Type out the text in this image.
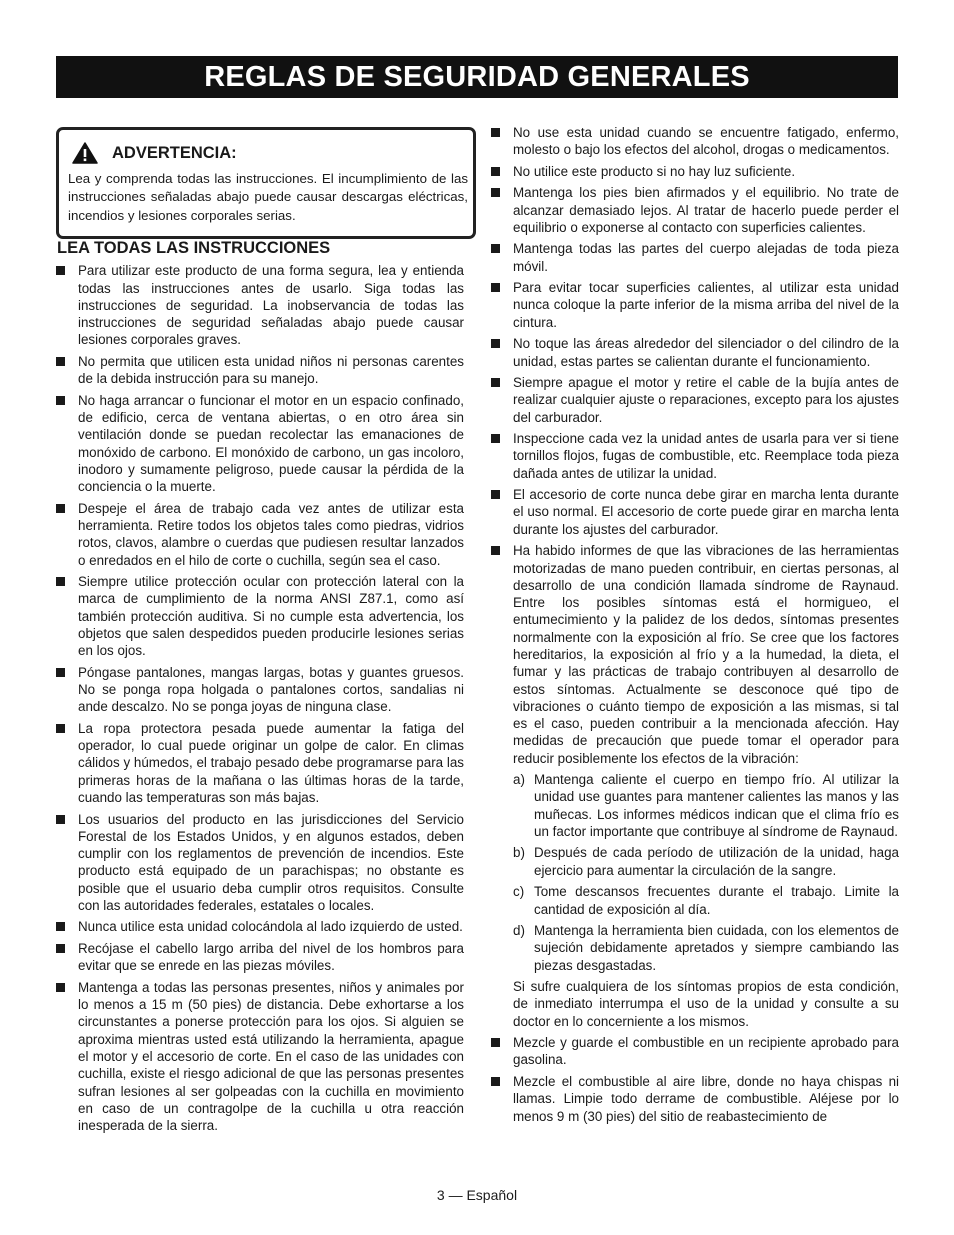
REGLAS DE SEGURIDAD GENERALES
ADVERTENCIA:
Lea y comprenda todas las instrucciones. El incumplimiento de las instrucciones señaladas abajo puede causar descargas eléctricas, incendios y lesiones corporales serias.
LEA TODAS LAS INSTRUCCIONES
Para utilizar este producto de una forma segura, lea y entienda todas las instrucciones antes de usarlo. Siga todas las instrucciones de seguridad. La inobservancia de todas las instrucciones de seguridad señaladas abajo puede causar lesiones corporales graves.
No permita que utilicen esta unidad niños ni personas carentes de la debida instrucción para su manejo.
No haga arrancar o funcionar el motor en un espacio confinado, de edificio, cerca de ventana abiertas, o en otro área sin ventilación donde se puedan recolectar las emanaciones de monóxido de carbono. El monóxido de carbono, un gas incoloro, inodoro y sumamente peligroso, puede causar la pérdida de la conciencia o la muerte.
Despeje el área de trabajo cada vez antes de utilizar esta herramienta. Retire todos los objetos tales como piedras, vidrios rotos, clavos, alambre o cuerdas que pudiesen resultar lanzados o enredados en el hilo de corte o cuchilla, según sea el caso.
Siempre utilice protección ocular con protección lateral con la marca de cumplimiento de la norma ANSI Z87.1, como así también protección auditiva. Si no cumple esta advertencia, los objetos que salen despedidos pueden producirle lesiones serias en los ojos.
Póngase pantalones, mangas largas, botas y guantes gruesos. No se ponga ropa holgada o pantalones cortos, sandalias ni ande descalzo. No se ponga joyas de ninguna clase.
La ropa protectora pesada puede aumentar la fatiga del operador, lo cual puede originar un golpe de calor. En climas cálidos y húmedos, el trabajo pesado debe programarse para las primeras horas de la mañana o las últimas horas de la tarde, cuando las temperaturas son más bajas.
Los usuarios del producto en las jurisdicciones del Servicio Forestal de los Estados Unidos, y en algunos estados, deben cumplir con los reglamentos de prevención de incendios. Este producto está equipado de un parachispas; no obstante es posible que el usuario deba cumplir otros requisitos. Consulte con las autoridades federales, estatales o locales.
Nunca utilice esta unidad colocándola al lado izquierdo de usted.
Recójase el cabello largo arriba del nivel de los hombros para evitar que se enrede en las piezas móviles.
Mantenga a todas las personas presentes, niños y animales por lo menos a 15 m (50 pies) de distancia. Debe exhortarse a los circunstantes a ponerse protección para los ojos. Si alguien se aproxima mientras usted está utilizando la herramienta, apague el motor y el accesorio de corte. En el caso de las unidades con cuchilla, existe el riesgo adicional de que las personas presentes sufran lesiones al ser golpeadas con la cuchilla en movimiento en caso de un contragolpe de la cuchilla u otra reacción inesperada de la sierra.
No use esta unidad cuando se encuentre fatigado, enfermo, molesto o bajo los efectos del alcohol, drogas o medicamentos.
No utilice este producto si no hay luz suficiente.
Mantenga los pies bien afirmados y el equilibrio. No trate de alcanzar demasiado lejos. Al tratar de hacerlo puede perder el equilibrio o exponerse al contacto con superficies calientes.
Mantenga todas las partes del cuerpo alejadas de toda pieza móvil.
Para evitar tocar superficies calientes, al utilizar esta unidad nunca coloque la parte inferior de la misma arriba del nivel de la cintura.
No toque las áreas alrededor del silenciador o del cilindro de la unidad, estas partes se calientan durante el funcionamiento.
Siempre apague el motor y retire el cable de la bujía antes de realizar cualquier ajuste o reparaciones, excepto para los ajustes del carburador.
Inspeccione cada vez la unidad antes de usarla para ver si tiene tornillos flojos, fugas de combustible, etc. Reemplace toda pieza dañada antes de utilizar la unidad.
El accesorio de corte nunca debe girar en marcha lenta durante el uso normal. El accesorio de corte puede girar en marcha lenta durante los ajustes del carburador.
Ha habido informes de que las vibraciones de las herramientas motorizadas de mano pueden contribuir, en ciertas personas, al desarrollo de una condición llamada síndrome de Raynaud. Entre los posibles síntomas está el hormigueo, el entumecimiento y la palidez de los dedos, síntomas presentes normalmente con la exposición al frío. Se cree que los factores hereditarios, la exposición al frío y a la humedad, la dieta, el fumar y las prácticas de trabajo contribuyen al desarrollo de estos síntomas. Actualmente se desconoce qué tipo de vibraciones o cuánto tiempo de exposición a las mismas, si tal es el caso, pueden contribuir a la mencionada afección. Hay medidas de precaución que puede tomar el operador para reducir posiblemente los efectos de la vibración:
a) Mantenga caliente el cuerpo en tiempo frío. Al utilizar la unidad use guantes para mantener calientes las manos y las muñecas. Los informes médicos indican que el clima frío es un factor importante que contribuye al síndrome de Raynaud.
b) Después de cada período de utilización de la unidad, haga ejercicio para aumentar la circulación de la sangre.
c) Tome descansos frecuentes durante el trabajo. Limite la cantidad de exposición al día.
d) Mantenga la herramienta bien cuidada, con los elementos de sujeción debidamente apretados y siempre cambiando las piezas desgastadas.
Si sufre cualquiera de los síntomas propios de esta condición, de inmediato interrumpa el uso de la unidad y consulte a su doctor en lo concerniente a los mismos.
Mezcle y guarde el combustible en un recipiente aprobado para gasolina.
Mezcle el combustible al aire libre, donde no haya chispas ni llamas. Limpie todo derrame de combustible. Aléjese por lo menos 9 m (30 pies) del sitio de reabastecimiento de
3 — Español
